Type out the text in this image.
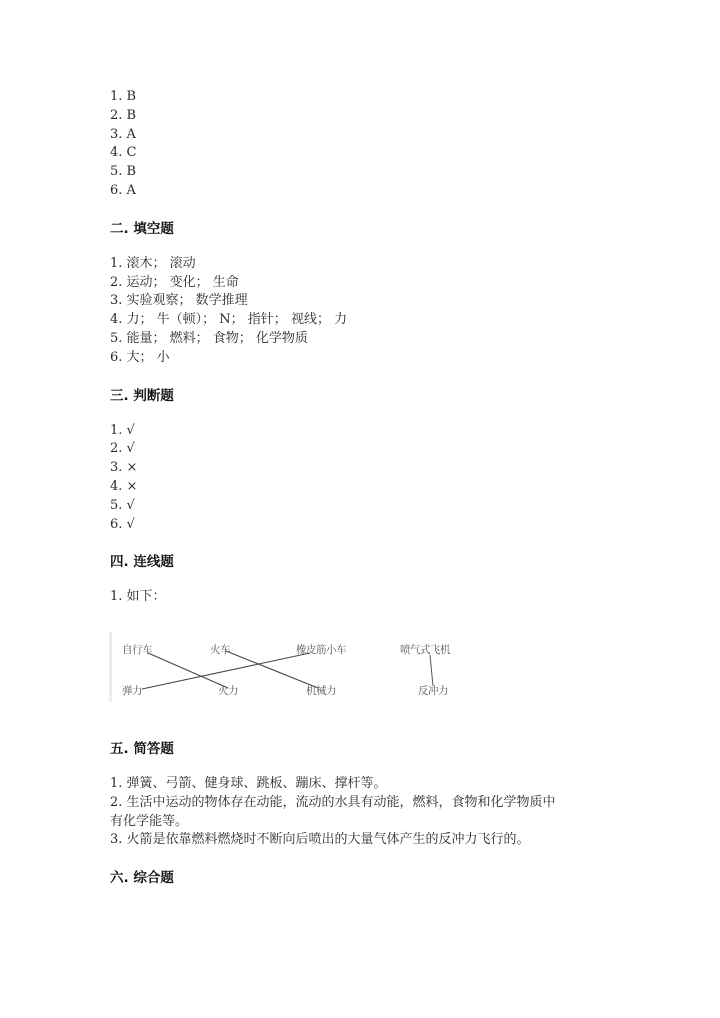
1. B
2. B
3. A
4. C
5. B
6. A
二. 填空题
1. 滚木； 滚动
2. 运动； 变化； 生命
3. 实验观察； 数学推理
4. 力； 牛（顿）； N； 指针； 视线； 力
5. 能量； 燃料； 食物； 化学物质
6. 大； 小
三. 判断题
1. √
2. √
3. ×
4. ×
5. √
6. √
四. 连线题
1. 如下：
自行车	火车	橡皮筋小车	喷气式飞机
弹力	火力	机械力	反冲力
五. 简答题
1. 弹簧、弓箭、健身球、跳板、蹦床、撑杆等。
2. 生活中运动的物体存在动能，流动的水具有动能，燃料，食物和化学物质中
有化学能等。
3. 火箭是依靠燃料燃烧时不断向后喷出的大量气体产生的反冲力飞行的。
六. 综合题
